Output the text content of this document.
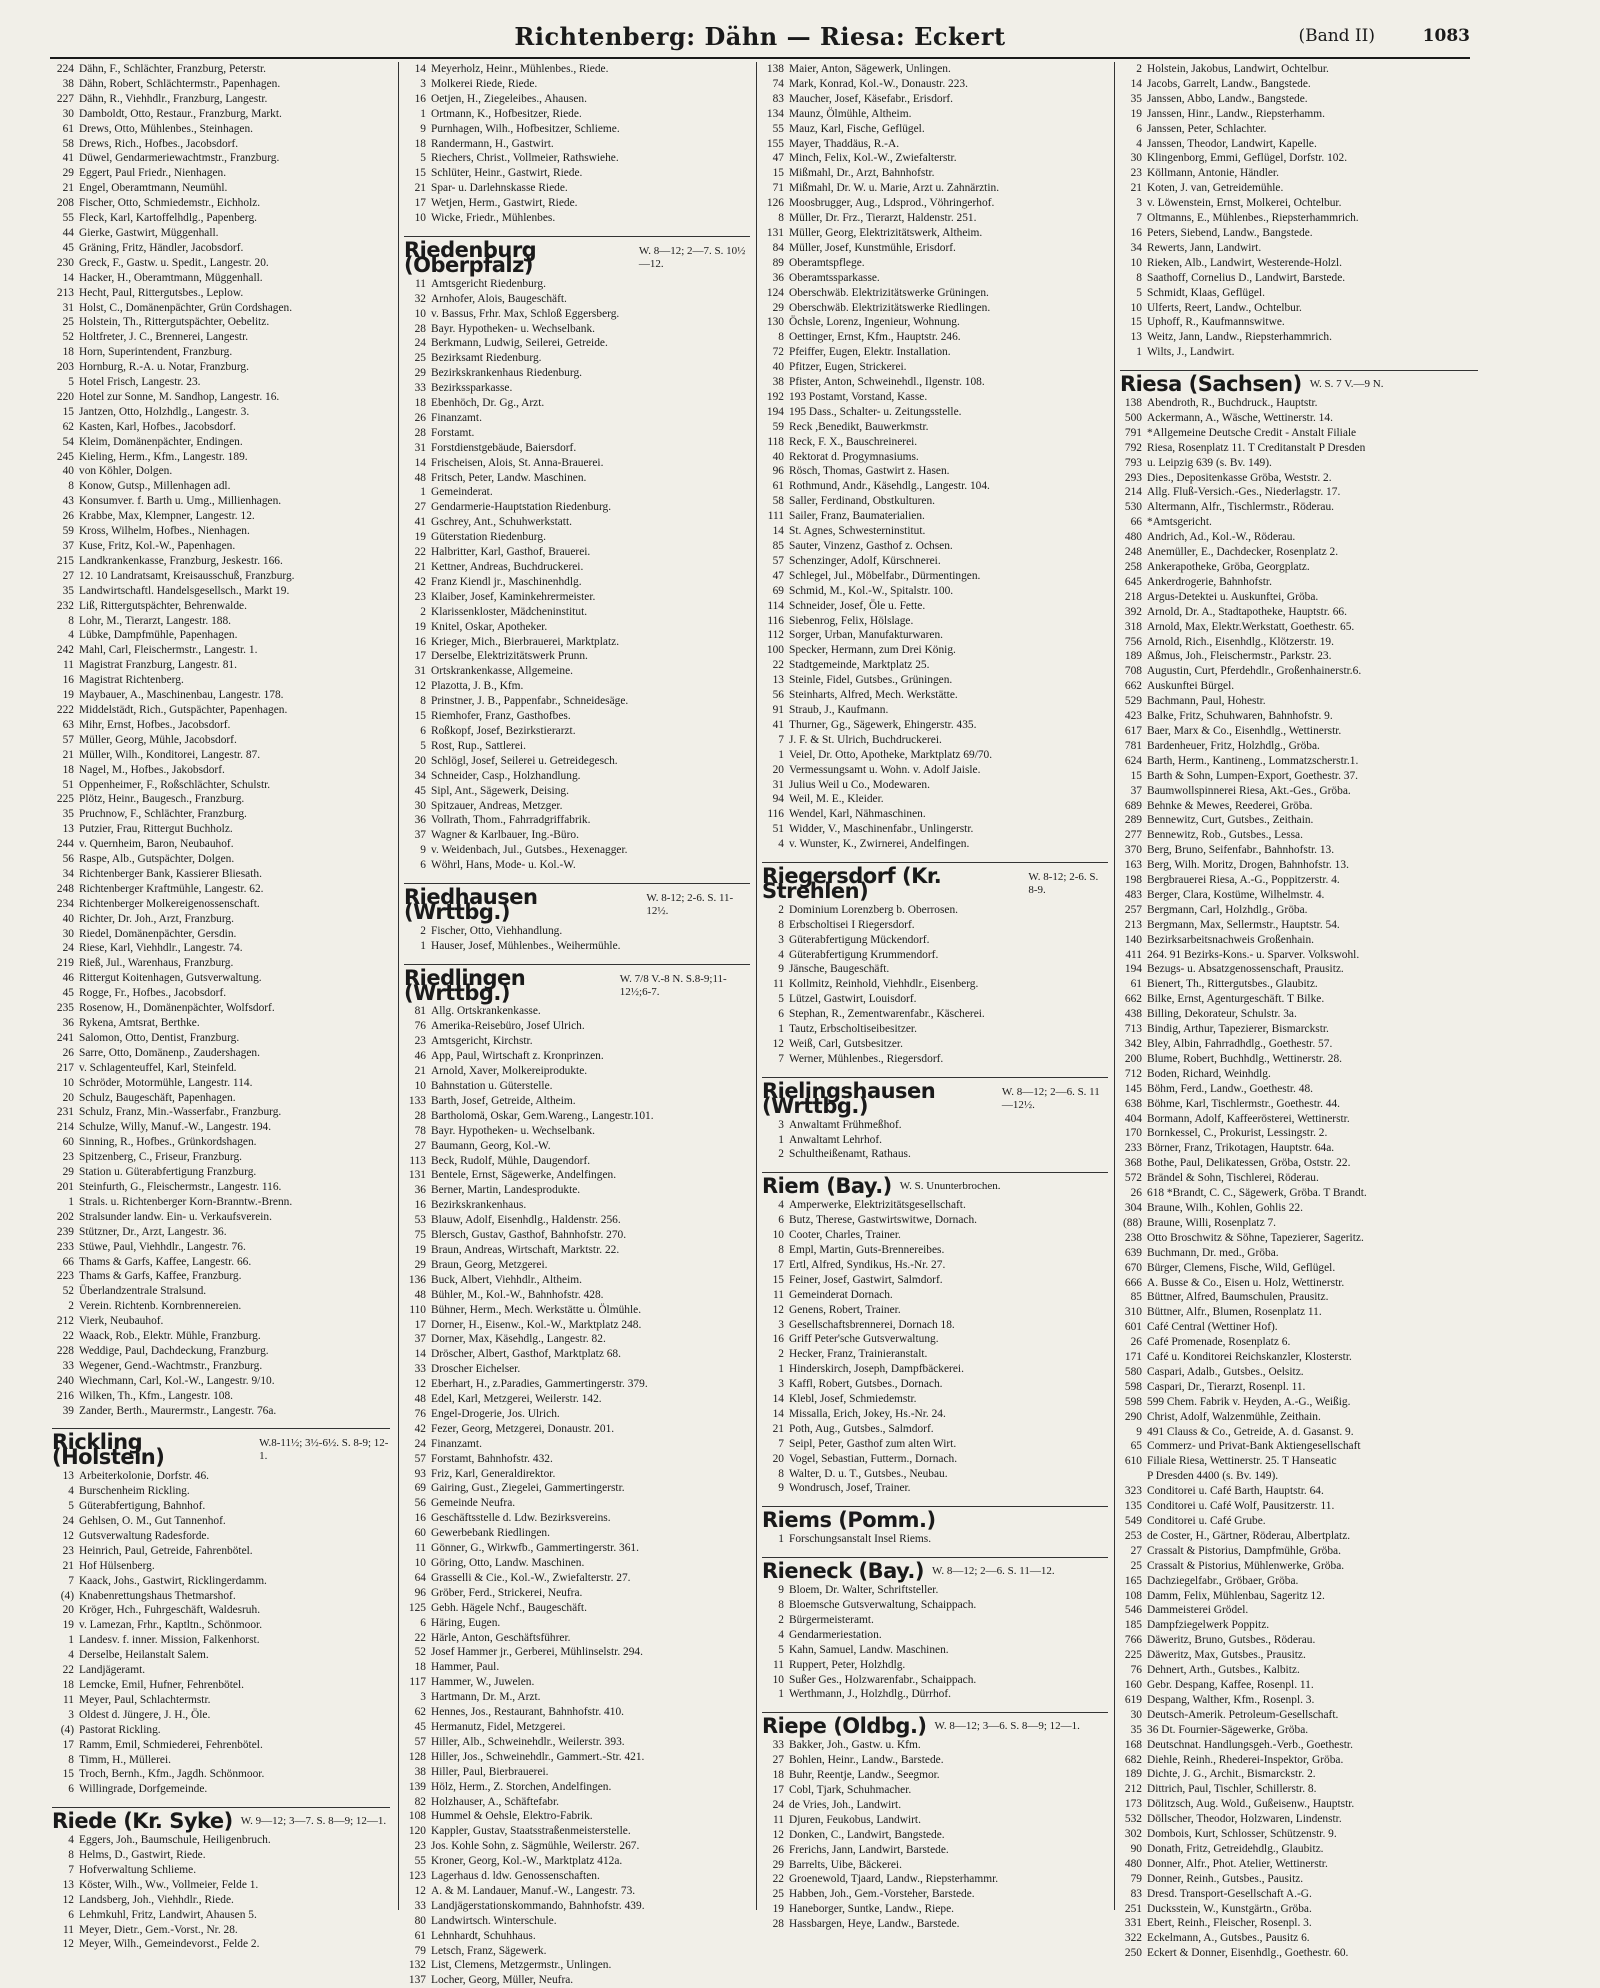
Richtenberg: Dähn — Riesa: Eckert	(Band II)	1083
224 Dähn, F., Schlächter, Franzburg, Peterstr.
38 Dähn, Robert, Schlächtermstr., Papenhagen.
227 Dähn, R., Viehhdlr., Franzburg, Langestr.
30 Damboldt, Otto, Restaur., Franzburg, Markt.
61 Drews, Otto, Mühlenbes., Steinhagen.
58 Drews, Rich., Hofbes., Jacobsdorf.
41 Düwel, Gendarmeriewachtmstr., Franzburg.
29 Eggert, Paul Friedr., Nienhagen.
21 Engel, Oberamtmann, Neumühl.
208 Fischer, Otto, Schmiedemstr., Eichholz.
55 Fleck, Karl, Kartoffelhdlg., Papenberg.
44 Gierke, Gastwirt, Müggenhall.
45 Gräning, Fritz, Händler, Jacobsdorf.
230 Greck, F., Gastw. u. Spedit., Langestr. 20.
14 Hacker, H., Oberamtmann, Müggenhall.
213 Hecht, Paul, Rittergutsbes., Leplow.
31 Holst, C., Domänenpächter, Grün Cordshagen.
25 Holstein, Th., Rittergutspächter, Oebelitz.
52 Holtfreter, J. C., Brennerei, Langestr.
18 Horn, Superintendent, Franzburg.
203 Hornburg, R.-A. u. Notar, Franzburg.
5 Hotel Frisch, Langestr. 23.
220 Hotel zur Sonne, M. Sandhop, Langestr. 16.
15 Jantzen, Otto, Holzhdlg., Langestr. 3.
62 Kasten, Karl, Hofbes., Jacobsdorf.
54 Kleim, Domänenpächter, Endingen.
245 Kieling, Herm., Kfm., Langestr. 189.
40 von Köhler, Dolgen.
8 Konow, Gutsp., Millenhagen adl.
43 Konsumver. f. Barth u. Umg., Millienhagen.
26 Krabbe, Max, Klempner, Langestr. 12.
59 Kross, Wilhelm, Hofbes., Nienhagen.
37 Kuse, Fritz, Kol.-W., Papenhagen.
215 Landkrankenkasse, Franzburg, Jeskestr. 166.
27 12. 10 Landratsamt, Kreisausschuß, Franzburg.
35 Landwirtschaftl. Handelsgesellsch., Markt 19.
232 Liß, Rittergutspächter, Behrenwalde.
8 Lohr, M., Tierarzt, Langestr. 188.
4 Lübke, Dampfmühle, Papenhagen.
242 Mahl, Carl, Fleischermstr., Langestr. 1.
11 Magistrat Franzburg, Langestr. 81.
16 Magistrat Richtenberg.
19 Maybauer, A., Maschinenbau, Langestr. 178.
222 Middelstädt, Rich., Gutspächter, Papenhagen.
63 Mihr, Ernst, Hofbes., Jacobsdorf.
57 Müller, Georg, Mühle, Jacobsdorf.
21 Müller, Wilh., Konditorei, Langestr. 87.
18 Nagel, M., Hofbes., Jakobsdorf.
51 Oppenheimer, F., Roßschlächter, Schulstr.
225 Plötz, Heinr., Baugesch., Franzburg.
35 Pruchnow, F., Schlächter, Franzburg.
13 Putzier, Frau, Rittergut Buchholz.
244 v. Quernheim, Baron, Neubauhof.
56 Raspe, Alb., Gutspächter, Dolgen.
34 Richtenberger Bank, Kassierer Bliesath.
248 Richtenberger Kraftmühle, Langestr. 62.
234 Richtenberger Molkereigenossenschaft.
40 Richter, Dr. Joh., Arzt, Franzburg.
30 Riedel, Domänenpächter, Gersdin.
24 Riese, Karl, Viehhdlr., Langestr. 74.
219 Rieß, Jul., Warenhaus, Franzburg.
46 Rittergut Koitenhagen, Gutsverwaltung.
45 Rogge, Fr., Hofbes., Jacobsdorf.
235 Rosenow, H., Domänenpächter, Wolfsdorf.
36 Rykena, Amtsrat, Berthke.
241 Salomon, Otto, Dentist, Franzburg.
26 Sarre, Otto, Domänenp., Zaudershagen.
217 v. Schlagenteuffel, Karl, Steinfeld.
10 Schröder, Motormühle, Langestr. 114.
20 Schulz, Baugeschäft, Papenhagen.
231 Schulz, Franz, Min.-Wasserfabr., Franzburg.
214 Schulze, Willy, Manuf.-W., Langestr. 194.
60 Sinning, R., Hofbes., Grünkordshagen.
23 Spitzenberg, C., Friseur, Franzburg.
29 Station u. Güterabfertigung Franzburg.
201 Steinfurth, G., Fleischermstr., Langestr. 116.
1 Strals. u. Richtenberger Korn-Branntw.-Brenn.
202 Stralsunder landw. Ein- u. Verkaufsverein.
239 Stützner, Dr., Arzt, Langestr. 36.
233 Stüwe, Paul, Viehhdlr., Langestr. 76.
66 Thams & Garfs, Kaffee, Langestr. 66.
223 Thams & Garfs, Kaffee, Franzburg.
52 Überlandzentrale Stralsund.
2 Verein. Richtenb. Kornbrennereien.
212 Vierk, Neubauhof.
22 Waack, Rob., Elektr. Mühle, Franzburg.
228 Weddige, Paul, Dachdeckung, Franzburg.
33 Wegener, Gend.-Wachtmstr., Franzburg.
240 Wiechmann, Carl, Kol.-W., Langestr. 9/10.
216 Wilken, Th., Kfm., Langestr. 108.
39 Zander, Berth., Maurermstr., Langestr. 76a.
Rickling (Holstein)
W.8-11½; 3½-6½. S. 8-9; 12-1.
13 Arbeiterkolonie, Dorfstr. 46.
4 Burschenheim Rickling.
5 Güterabfertigung, Bahnhof.
24 Gehlsen, O. M., Gut Tannenhof.
12 Gutsverwaltung Radesforde.
23 Heinrich, Paul, Getreide, Fahrenbötel.
21 Hof Hülsenberg.
7 Kaack, Johs., Gastwirt, Ricklingerdamm.
(4) Knabenrettungshaus Thetmarshof.
20 Kröger, Hch., Fuhrgeschäft, Waldesruh.
19 v. Lamezan, Frhr., Kaptltn., Schönmoor.
1 Landesv. f. inner. Mission, Falkenhorst.
4 Derselbe, Heilanstalt Salem.
22 Landjägeramt.
18 Lemcke, Emil, Hufner, Fehrenbötel.
11 Meyer, Paul, Schlachtermstr.
3 Oldest d. Jüngere, J. H., Öle.
(4) Pastorat Rickling.
17 Ramm, Emil, Schmiederei, Fehrenbötel.
8 Timm, H., Müllerei.
15 Troch, Bernh., Kfm., Jagdh. Schönmoor.
6 Willingrade, Dorfgemeinde.
Riede (Kr. Syke) W. 9—12; 3—7. S. 8—9; 12—1.
4 Eggers, Joh., Baumschule, Heiligenbruch.
8 Helms, D., Gastwirt, Riede.
7 Hofverwaltung Schlieme.
13 Köster, Wilh., Ww., Vollmeier, Felde 1.
12 Landsberg, Joh., Viehhdlr., Riede.
6 Lehmkuhl, Fritz, Landwirt, Ahausen 5.
11 Meyer, Dietr., Gem.-Vorst., Nr. 28.
12 Meyer, Wilh., Gemeindevorst., Felde 2.
14 Meyerholz, Heinr., Mühlenbes., Riede.
3 Molkerei Riede, Riede.
16 Oetjen, H., Ziegeleibes., Ahausen.
1 Ortmann, K., Hofbesitzer, Riede.
9 Purnhagen, Wilh., Hofbesitzer, Schlieme.
18 Randermann, H., Gastwirt.
5 Riechers, Christ., Vollmeier, Rathswiehe.
15 Schlüter, Heinr., Gastwirt, Riede.
21 Spar- u. Darlehnskasse Riede.
17 Wetjen, Herm., Gastwirt, Riede.
10 Wicke, Friedr., Mühlenbes.
Riedenburg (Oberpfalz)
W. 8—12; 2—7. S. 10½—12.
11 Amtsgericht Riedenburg.
32 Arnhofer, Alois, Baugeschäft.
10 v. Bassus, Frhr. Max, Schloß Eggersberg.
28 Bayr. Hypotheken- u. Wechselbank.
24 Berkmann, Ludwig, Seilerei, Getreide.
25 Bezirksamt Riedenburg.
29 Bezirkskrankenhaus Riedenburg.
33 Bezirkssparkasse.
18 Ebenhöch, Dr. Gg., Arzt.
26 Finanzamt.
28 Forstamt.
31 Forstdienstgebäude, Baiersdorf.
14 Frischeisen, Alois, St. Anna-Brauerei.
48 Fritsch, Peter, Landw. Maschinen.
1 Gemeinderat.
27 Gendarmerie-Hauptstation Riedenburg.
41 Gschrey, Ant., Schuhwerkstatt.
19 Güterstation Riedenburg.
22 Halbritter, Karl, Gasthof, Brauerei.
21 Kettner, Andreas, Buchdruckerei.
42 Franz Kiendl jr., Maschinenhdlg.
23 Klaiber, Josef, Kaminkehrermeister.
2 Klarissenkloster, Mädcheninstitut.
19 Knitel, Oskar, Apotheker.
16 Krieger, Mich., Bierbrauerei, Marktplatz.
17 Derselbe, Elektrizitätswerk Prunn.
31 Ortskrankenkasse, Allgemeine.
12 Plazotta, J. B., Kfm.
8 Prinstner, J. B., Pappenfabr., Schneidesäge.
15 Riemhofer, Franz, Gasthofbes.
6 Roßkopf, Josef, Bezirkstierarzt.
5 Rost, Rup., Sattlerei.
20 Schlögl, Josef, Seilerei u. Getreidegesch.
34 Schneider, Casp., Holzhandlung.
45 Sipl, Ant., Sägewerk, Deising.
30 Spitzauer, Andreas, Metzger.
36 Vollrath, Thom., Fahrradgriffabrik.
37 Wagner & Karlbauer, Ing.-Büro.
9 v. Weidenbach, Jul., Gutsbes., Hexenagger.
6 Wöhrl, Hans, Mode- u. Kol.-W.
Riedhausen (Wrttbg.)
W. 8-12; 2-6. S. 11-12½.
2 Fischer, Otto, Viehhandlung.
1 Hauser, Josef, Mühlenbes., Weihermühle.
Riedlingen (Wrttbg.)
W. 7/8 V.-8 N. S.8-9;11-12½;6-7.
81 Allg. Ortskrankenkasse.
76 Amerika-Reisebüro, Josef Ulrich.
23 Amtsgericht, Kirchstr.
46 App, Paul, Wirtschaft z. Kronprinzen.
21 Arnold, Xaver, Molkereiprodukte.
10 Bahnstation u. Güterstelle.
133 Barth, Josef, Getreide, Altheim.
28 Bartholomä, Oskar, Gem.Wareng., Langestr.101.
78 Bayr. Hypotheken- u. Wechselbank.
27 Baumann, Georg, Kol.-W.
113 Beck, Rudolf, Mühle, Daugendorf.
131 Bentele, Ernst, Sägewerke, Andelfingen.
36 Berner, Martin, Landesprodukte.
16 Bezirkskrankenhaus.
53 Blauw, Adolf, Eisenhdlg., Haldenstr. 256.
75 Blersch, Gustav, Gasthof, Bahnhofstr. 270.
19 Braun, Andreas, Wirtschaft, Marktstr. 22.
29 Braun, Georg, Metzgerei.
136 Buck, Albert, Viehhdlr., Altheim.
48 Bühler, M., Kol.-W., Bahnhofstr. 428.
110 Bühner, Herm., Mech. Werkstätte u. Ölmühle.
17 Dorner, H., Eisenw., Kol.-W., Marktplatz 248.
37 Dorner, Max, Käsehdlg., Langestr. 82.
14 Dröscher, Albert, Gasthof, Marktplatz 68.
33 Droscher Eichelser.
12 Eberhart, H., z.Paradies, Gammertingerstr. 379.
48 Edel, Karl, Metzgerei, Weilerstr. 142.
76 Engel-Drogerie, Jos. Ulrich.
42 Fezer, Georg, Metzgerei, Donaustr. 201.
24 Finanzamt.
57 Forstamt, Bahnhofstr. 432.
93 Friz, Karl, Generaldirektor.
69 Gairing, Gust., Ziegelei, Gammertingerstr.
56 Gemeinde Neufra.
16 Geschäftsstelle d. Ldw. Bezirksvereins.
60 Gewerbebank Riedlingen.
11 Gönner, G., Wirkwfb., Gammertingerstr. 361.
10 Göring, Otto, Landw. Maschinen.
64 Grasselli & Cie., Kol.-W., Zwiefalterstr. 27.
96 Gröber, Ferd., Strickerei, Neufra.
125 Gebh. Hägele Nchf., Baugeschäft.
6 Häring, Eugen.
22 Härle, Anton, Geschäftsführer.
52 Josef Hammer jr., Gerberei, Mühlinselstr. 294.
18 Hammer, Paul.
117 Hammer, W., Juwelen.
3 Hartmann, Dr. M., Arzt.
62 Hennes, Jos., Restaurant, Bahnhofstr. 410.
45 Hermanutz, Fidel, Metzgerei.
57 Hiller, Alb., Schweinehdlr., Weilerstr. 393.
128 Hiller, Jos., Schweinehdlr., Gammert.-Str. 421.
38 Hiller, Paul, Bierbrauerei.
139 Hölz, Herm., Z. Storchen, Andelfingen.
82 Holzhauser, A., Schäftefabr.
108 Hummel & Oehsle, Elektro-Fabrik.
120 Kappler, Gustav, Staatsstraßenmeisterstelle.
23 Jos. Kohle Sohn, z. Sägmühle, Weilerstr. 267.
55 Kroner, Georg, Kol.-W., Marktplatz 412a.
123 Lagerhaus d. ldw. Genossenschaften.
12 A. & M. Landauer, Manuf.-W., Langestr. 73.
33 Landjägerstationskommando, Bahnhofstr. 439.
80 Landwirtsch. Winterschule.
61 Lehnhardt, Schuhhaus.
79 Letsch, Franz, Sägewerk.
132 List, Clemens, Metzgermstr., Unlingen.
137 Locher, Georg, Müller, Neufra.
138 Maier, Anton, Sägewerk, Unlingen.
74 Mark, Konrad, Kol.-W., Donaustr. 223.
83 Maucher, Josef, Käsefabr., Erisdorf.
134 Maunz, Ölmühle, Altheim.
55 Mauz, Karl, Fische, Geflügel.
155 Mayer, Thaddäus, R.-A.
47 Minch, Felix, Kol.-W., Zwiefalterstr.
15 Mißmahl, Dr., Arzt, Bahnhofstr.
71 Mißmahl, Dr. W. u. Marie, Arzt u. Zahnärztin.
126 Moosbrugger, Aug., Ldsprod., Vöhringerhof.
8 Müller, Dr. Frz., Tierarzt, Haldenstr. 251.
131 Müller, Georg, Elektrizitätswerk, Altheim.
84 Müller, Josef, Kunstmühle, Erisdorf.
89 Oberamtspflege.
36 Oberamtssparkasse.
124 Oberschwäb. Elektrizitätswerke Grüningen.
29 Oberschwäb. Elektrizitätswerke Riedlingen.
130 Öchsle, Lorenz, Ingenieur, Wohnung.
8 Oettinger, Ernst, Kfm., Hauptstr. 246.
72 Pfeiffer, Eugen, Elektr. Installation.
40 Pfitzer, Eugen, Strickerei.
38 Pfister, Anton, Schweinehdl., Ilgenstr. 108.
192 193 Postamt, Vorstand, Kasse.
194 195 Dass., Schalter- u. Zeitungsstelle.
59 Reck ,Benedikt, Bauwerkmstr.
118 Reck, F. X., Bauschreinerei.
40 Rektorat d. Progymnasiums.
96 Rösch, Thomas, Gastwirt z. Hasen.
61 Rothmund, Andr., Käsehdlg., Langestr. 104.
58 Saller, Ferdinand, Obstkulturen.
111 Sailer, Franz, Baumaterialien.
14 St. Agnes, Schwesterninstitut.
85 Sauter, Vinzenz, Gasthof z. Ochsen.
57 Schenzinger, Adolf, Kürschnerei.
47 Schlegel, Jul., Möbelfabr., Dürmentingen.
69 Schmid, M., Kol.-W., Spitalstr. 100.
114 Schneider, Josef, Öle u. Fette.
116 Siebenrog, Felix, Hölslage.
112 Sorger, Urban, Manufakturwaren.
100 Specker, Hermann, zum Drei König.
22 Stadtgemeinde, Marktplatz 25.
13 Steinle, Fidel, Gutsbes., Grüningen.
56 Steinharts, Alfred, Mech. Werkstätte.
91 Straub, J., Kaufmann.
41 Thurner, Gg., Sägewerk, Ehingerstr. 435.
7 J. F. & St. Ulrich, Buchdruckerei.
1 Veiel, Dr. Otto, Apotheke, Marktplatz 69/70.
20 Vermessungsamt u. Wohn. v. Adolf Jaisle.
31 Julius Weil u Co., Modewaren.
94 Weil, M. E., Kleider.
116 Wendel, Karl, Nähmaschinen.
51 Widder, V., Maschinenfabr., Unlingerstr.
4 v. Wunster, K., Zwirnerei, Andelfingen.
Riegersdorf (Kr. Strehlen)
W. 8-12; 2-6. S. 8-9.
2 Dominium Lorenzberg b. Oberrosen.
8 Erbscholtisei I Riegersdorf.
3 Güterabfertigung Mückendorf.
4 Güterabfertigung Krummendorf.
9 Jänsche, Baugeschäft.
11 Kollmitz, Reinhold, Viehhdlr., Eisenberg.
5 Lützel, Gastwirt, Louisdorf.
6 Stephan, R., Zementwarenfabr., Käscherei.
1 Tautz, Erbscholtiseibesitzer.
12 Weiß, Carl, Gutsbesitzer.
7 Werner, Mühlenbes., Riegersdorf.
Rielingshausen (Wrttbg.)
W. 8—12; 2—6. S. 11—12½.
3 Anwaltamt Frühmeßhof.
1 Anwaltamt Lehrhof.
2 Schultheißenamt, Rathaus.
Riem (Bay.) W. S. Ununterbrochen.
4 Amperwerke, Elektrizitätsgesellschaft.
6 Butz, Therese, Gastwirtswitwe, Dornach.
10 Cooter, Charles, Trainer.
8 Empl, Martin, Guts-Brennereibes.
17 Ertl, Alfred, Syndikus, Hs.-Nr. 27.
15 Feiner, Josef, Gastwirt, Salmdorf.
11 Gemeinderat Dornach.
12 Genens, Robert, Trainer.
3 Gesellschaftsbrennerei, Dornach 18.
16 Griff Peter'sche Gutsverwaltung.
2 Hecker, Franz, Trainieranstalt.
1 Hinderskirch, Joseph, Dampfbäckerei.
3 Kaffl, Robert, Gutsbes., Dornach.
14 Klebl, Josef, Schmiedemstr.
14 Missalla, Erich, Jokey, Hs.-Nr. 24.
21 Poth, Aug., Gutsbes., Salmdorf.
7 Seipl, Peter, Gasthof zum alten Wirt.
20 Vogel, Sebastian, Futterm., Dornach.
8 Walter, D. u. T., Gutsbes., Neubau.
9 Wondrusch, Josef, Trainer.
Riems (Pomm.)
1 Forschungsanstalt Insel Riems.
Rieneck (Bay.) W. 8—12; 2—6. S. 11—12.
9 Bloem, Dr. Walter, Schriftsteller.
8 Bloemsche Gutsverwaltung, Schaippach.
2 Bürgermeisteramt.
4 Gendarmeriestation.
5 Kahn, Samuel, Landw. Maschinen.
11 Ruppert, Peter, Holzhdlg.
10 Sußer Ges., Holzwarenfabr., Schaippach.
1 Werthmann, J., Holzhdlg., Dürrhof.
Riepe (Oldbg.) W. 8—12; 3—6. S. 8—9; 12—1.
33 Bakker, Joh., Gastw. u. Kfm.
27 Bohlen, Heinr., Landw., Barstede.
18 Buhr, Reentje, Landw., Seegmor.
17 Cobl, Tjark, Schuhmacher.
24 de Vries, Joh., Landwirt.
11 Djuren, Feukobus, Landwirt.
12 Donken, C., Landwirt, Bangstede.
26 Frerichs, Jann, Landwirt, Barstede.
29 Barrelts, Uibe, Bäckerei.
22 Groenewold, Tjaard, Landw., Riepsterhammr.
25 Habben, Joh., Gem.-Vorsteher, Barstede.
19 Haneborger, Suntke, Landw., Riepe.
28 Hassbargen, Heye, Landw., Barstede.
2 Holstein, Jakobus, Landwirt, Ochtelbur.
14 Jacobs, Garrelt, Landw., Bangstede.
35 Janssen, Abbo, Landw., Bangstede.
19 Janssen, Hinr., Landw., Riepsterhamm.
6 Janssen, Peter, Schlachter.
4 Janssen, Theodor, Landwirt, Kapelle.
30 Klingenborg, Emmi, Geflügel, Dorfstr. 102.
23 Köllmann, Antonie, Händler.
21 Koten, J. van, Getreidemühle.
3 v. Löwenstein, Ernst, Molkerei, Ochtelbur.
7 Oltmanns, E., Mühlenbes., Riepsterhammrich.
16 Peters, Siebend, Landw., Bangstede.
34 Rewerts, Jann, Landwirt.
10 Rieken, Alb., Landwirt, Westerende-Holzl.
8 Saathoff, Cornelius D., Landwirt, Barstede.
5 Schmidt, Klaas, Geflügel.
10 Ulferts, Reert, Landw., Ochtelbur.
15 Uphoff, R., Kaufmannswitwe.
13 Weitz, Jann, Landw., Riepsterhammrich.
1 Wilts, J., Landwirt.
Riesa (Sachsen) W. S. 7 V.—9 N.
138 Abendroth, R., Buchdruck., Hauptstr.
500 Ackermann, A., Wäsche, Wettinerstr. 14.
791 *Allgemeine Deutsche Credit - Anstalt Filiale
792 Riesa, Rosenplatz 11. T Creditanstalt P Dresden
793 u. Leipzig 639 (s. Bv. 149).
293 Dies., Depositenkasse Gröba, Weststr. 2.
214 Allg. Fluß-Versich.-Ges., Niederlagstr. 17.
530 Altermann, Alfr., Tischlermstr., Röderau.
66 *Amtsgericht.
480 Andrich, Ad., Kol.-W., Röderau.
248 Anemüller, E., Dachdecker, Rosenplatz 2.
258 Ankerapotheke, Gröba, Georgplatz.
645 Ankerdrogerie, Bahnhofstr.
218 Argus-Detektei u. Auskunftei, Gröba.
392 Arnold, Dr. A., Stadtapotheke, Hauptstr. 66.
318 Arnold, Max, Elektr.Werkstatt, Goethestr. 65.
756 Arnold, Rich., Eisenhdlg., Klötzerstr. 19.
189 Aßmus, Joh., Fleischermstr., Parkstr. 23.
708 Augustin, Curt, Pferdehdlr., Großenhainerstr.6.
662 Auskunftei Bürgel.
529 Bachmann, Paul, Hohestr.
423 Balke, Fritz, Schuhwaren, Bahnhofstr. 9.
617 Baer, Marx & Co., Eisenhdlg., Wettinerstr.
781 Bardenheuer, Fritz, Holzhdlg., Gröba.
624 Barth, Herm., Kantineng., Lommatzscherstr.1.
15 Barth & Sohn, Lumpen-Export, Goethestr. 37.
37 Baumwollspinnerei Riesa, Akt.-Ges., Gröba.
689 Behnke & Mewes, Reederei, Gröba.
289 Bennewitz, Curt, Gutsbes., Zeithain.
277 Bennewitz, Rob., Gutsbes., Lessa.
370 Berg, Bruno, Seifenfabr., Bahnhofstr. 13.
163 Berg, Wilh. Moritz, Drogen, Bahnhofstr. 13.
198 Bergbrauerei Riesa, A.-G., Poppitzerstr. 4.
483 Berger, Clara, Kostüme, Wilhelmstr. 4.
257 Bergmann, Carl, Holzhdlg., Gröba.
213 Bergmann, Max, Sellermstr., Hauptstr. 54.
140 Bezirksarbeitsnachweis Großenhain.
411 264. 91 Bezirks-Kons.- u. Sparver. Volkswohl.
194 Bezugs- u. Absatzgenossenschaft, Prausitz.
61 Bienert, Th., Rittergutsbes., Glaubitz.
662 Bilke, Ernst, Agenturgeschäft. T Bilke.
438 Billing, Dekorateur, Schulstr. 3a.
713 Bindig, Arthur, Tapezierer, Bismarckstr.
342 Bley, Albin, Fahrradhdlg., Goethestr. 57.
200 Blume, Robert, Buchhdlg., Wettinerstr. 28.
712 Boden, Richard, Weinhdlg.
145 Böhm, Ferd., Landw., Goethestr. 48.
638 Böhme, Karl, Tischlermstr., Goethestr. 44.
404 Bormann, Adolf, Kaffeerösterei, Wettinerstr.
170 Bornkessel, C., Prokurist, Lessingstr. 2.
233 Börner, Franz, Trikotagen, Hauptstr. 64a.
368 Bothe, Paul, Delikatessen, Gröba, Oststr. 22.
572 Brändel & Sohn, Tischlerei, Röderau.
26 618 *Brandt, C. C., Sägewerk, Gröba. T Brandt.
304 Braune, Wilh., Kohlen, Gohlis 22.
(88) Braune, Willi, Rosenplatz 7.
238 Otto Broschwitz & Söhne, Tapezierer, Sageritz.
639 Buchmann, Dr. med., Gröba.
670 Bürger, Clemens, Fische, Wild, Geflügel.
666 A. Busse & Co., Eisen u. Holz, Wettinerstr.
85 Büttner, Alfred, Baumschulen, Prausitz.
310 Büttner, Alfr., Blumen, Rosenplatz 11.
601 Café Central (Wettiner Hof).
26 Café Promenade, Rosenplatz 6.
171 Café u. Konditorei Reichskanzler, Klosterstr.
580 Caspari, Adalb., Gutsbes., Oelsitz.
598 Caspari, Dr., Tierarzt, Rosenpl. 11.
598 599 Chem. Fabrik v. Heyden, A.-G., Weißig.
290 Christ, Adolf, Walzenmühle, Zeithain.
9 491 Clauss & Co., Getreide, A. d. Gasanst. 9.
65 Commerz- und Privat-Bank Aktiengesellschaft
610 Filiale Riesa, Wettinerstr. 25. T Hanseatic
P Dresden 4400 (s. Bv. 149).
323 Conditorei u. Café Barth, Hauptstr. 64.
135 Conditorei u. Café Wolf, Pausitzerstr. 11.
549 Conditorei u. Café Grube.
253 de Coster, H., Gärtner, Röderau, Albertplatz.
27 Crassalt & Pistorius, Dampfmühle, Gröba.
25 Crassalt & Pistorius, Mühlenwerke, Gröba.
165 Dachziegelfabr., Gröbaer, Gröba.
108 Damm, Felix, Mühlenbau, Sageritz 12.
546 Dammeisterei Grödel.
185 Dampfziegelwerk Poppitz.
766 Däweritz, Bruno, Gutsbes., Röderau.
225 Däweritz, Max, Gutsbes., Prausitz.
76 Dehnert, Arth., Gutsbes., Kalbitz.
160 Gebr. Despang, Kaffee, Rosenpl. 11.
619 Despang, Walther, Kfm., Rosenpl. 3.
30 Deutsch-Amerik. Petroleum-Gesellschaft.
35 36 Dt. Fournier-Sägewerke, Gröba.
168 Deutschnat. Handlungsgeh.-Verb., Goethestr.
682 Diehle, Reinh., Rhederei-Inspektor, Gröba.
189 Dichte, J. G., Archit., Bismarckstr. 2.
212 Dittrich, Paul, Tischler, Schillerstr. 8.
173 Dölitzsch, Aug. Wold., Gußeisenw., Hauptstr.
532 Döllscher, Theodor, Holzwaren, Lindenstr.
302 Dombois, Kurt, Schlosser, Schützenstr. 9.
90 Donath, Fritz, Getreidehdlg., Glaubitz.
480 Donner, Alfr., Phot. Atelier, Wettinerstr.
79 Donner, Reinh., Gutsbes., Pausitz.
83 Dresd. Transport-Gesellschaft A.-G.
251 Ducksstein, W., Kunstgärtn., Gröba.
331 Ebert, Reinh., Fleischer, Rosenpl. 3.
322 Eckelmann, A., Gutsbes., Pausitz 6.
250 Eckert & Donner, Eisenhdlg., Goethestr. 60.
